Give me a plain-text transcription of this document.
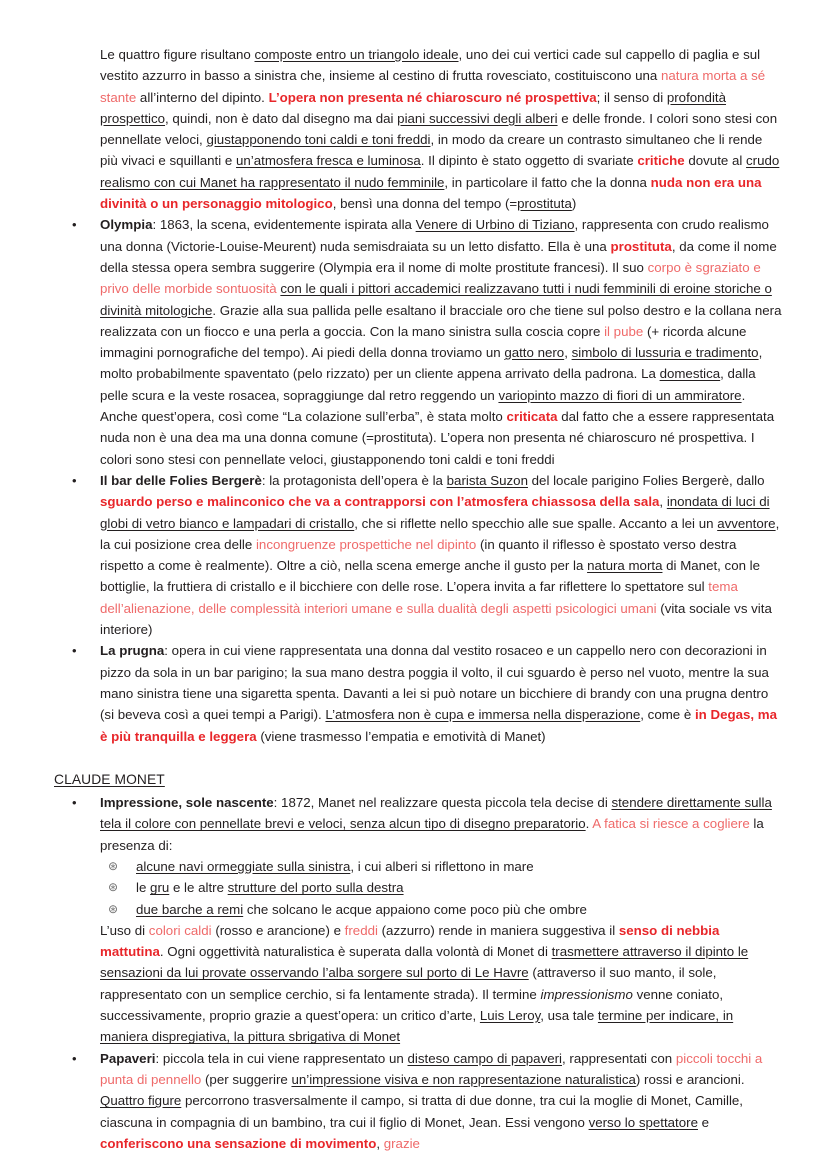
Le quattro figure risultano composte entro un triangolo ideale, uno dei cui vertici cade sul cappello di paglia e sul vestito azzurro in basso a sinistra che, insieme al cestino di frutta rovesciato, costituiscono una natura morta a sé stante all’interno del dipinto. L’opera non presenta né chiaroscuro né prospettiva; il senso di profondità prospettico, quindi, non è dato dal disegno ma dai piani successivi degli alberi e delle fronde. I colori sono stesi con pennellate veloci, giustapponendo toni caldi e toni freddi, in modo da creare un contrasto simultaneo che li rende più vivaci e squillanti e un’atmosfera fresca e luminosa. Il dipinto è stato oggetto di svariate critiche dovute al crudo realismo con cui Manet ha rappresentato il nudo femminile, in particolare il fatto che la donna nuda non era una divinità o un personaggio mitologico, bensì una donna del tempo (=prostituta)

• Olympia: 1863, la scena, evidentemente ispirata alla Venere di Urbino di Tiziano, rappresenta con crudo realismo una donna (Victorie-Louise-Meurent) nuda semisdraiata su un letto disfatto. Ella è una prostituta, da come il nome della stessa opera sembra suggerire (Olympia era il nome di molte prostitute francesi). Il suo corpo è sgraziato e privo delle morbide sontuosità con le quali i pittori accademici realizzavano tutti i nudi femminili di eroine storiche o divinità mitologiche. Grazie alla sua pallida pelle esaltano il bracciale oro che tiene sul polso destro e la collana nera realizzata con un fiocco e una perla a goccia. Con la mano sinistra sulla coscia copre il pube (+ ricorda alcune immagini pornografiche del tempo). Ai piedi della donna troviamo un gatto nero, simbolo di lussuria e tradimento, molto probabilmente spaventato (pelo rizzato) per un cliente appena arrivato della padrona. La domestica, dalla pelle scura e la veste rosacea, sopraggiunge dal retro reggendo un variopinto mazzo di fiori di un ammiratore. Anche quest’opera, così come “La colazione sull’erba”, è stata molto criticata dal fatto che a essere rappresentata nuda non è una dea ma una donna comune (=prostituta). L’opera non presenta né chiaroscuro né prospettiva. I colori sono stesi con pennellate veloci, giustapponendo toni caldi e toni freddi
• Il bar delle Folies Bergerè: la protagonista dell’opera è la barista Suzon del locale parigino Folies Bergerè, dallo sguardo perso e malinconico che va a contrapporsi con l’atmosfera chiassosa della sala, inondata di luci di globi di vetro bianco e lampadari di cristallo, che si riflette nello specchio alle sue spalle. Accanto a lei un avventore, la cui posizione crea delle incongruenze prospettiche nel dipinto (in quanto il riflesso è spostato verso destra rispetto a come è realmente). Oltre a ciò, nella scena emerge anche il gusto per la natura morta di Manet, con le bottiglie, la fruttiera di cristallo e il bicchiere con delle rose. L’opera invita a far riflettere lo spettatore sul tema dell’alienazione, delle complessità interiori umane e sulla dualità degli aspetti psicologici umani (vita sociale vs vita interiore)
• La prugna: opera in cui viene rappresentata una donna dal vestito rosaceo e un cappello nero con decorazioni in pizzo da sola in un bar parigino; la sua mano destra poggia il volto, il cui sguardo è perso nel vuoto, mentre la sua mano sinistra tiene una sigaretta spenta. Davanti a lei si può notare un bicchiere di brandy con una prugna dentro (si beveva così a quei tempi a Parigi). L’atmosfera non è cupa e immersa nella disperazione, come è in Degas, ma è più tranquilla e leggera (viene trasmesso l’empatia e emotività di Manet)
CLAUDE MONET
• Impressione, sole nascente: 1872, Manet nel realizzare questa piccola tela decise di stendere direttamente sulla tela il colore con pennellate brevi e veloci, senza alcun tipo di disegno preparatorio. A fatica si riesce a cogliere la presenza di:
⊛ alcune navi ormeggiate sulla sinistra, i cui alberi si riflettono in mare
⊛ le gru e le altre strutture del porto sulla destra
⊛ due barche a remi che solcano le acque appaiono come poco più che ombre
L’uso di colori caldi (rosso e arancione) e freddi (azzurro) rende in maniera suggestiva il senso di nebbia mattutina. Ogni oggettività naturalistica è superata dalla volontà di Monet di trasmettere attraverso il dipinto le sensazioni da lui provate osservando l’alba sorgere sul porto di Le Havre (attraverso il suo manto, il sole, rappresentato con un semplice cerchio, si fa lentamente strada). Il termine impressionismo venne coniato, successivamente, proprio grazie a quest’opera: un critico d’arte, Luis Leroy, usa tale termine per indicare, in maniera dispregiativa, la pittura sbrigativa di Monet
• Papaveri: piccola tela in cui viene rappresentato un disteso campo di papaveri, rappresentati con piccoli tocchi a punta di pennello (per suggerire un’impressione visiva e non rappresentazione naturalistica) rossi e arancioni. Quattro figure percorrono trasversalmente il campo, si tratta di due donne, tra cui la moglie di Monet, Camille, ciascuna in compagnia di un bambino, tra cui il figlio di Monet, Jean. Essi vengono verso lo spettatore e conferiscono una sensazione di movimento, grazie
